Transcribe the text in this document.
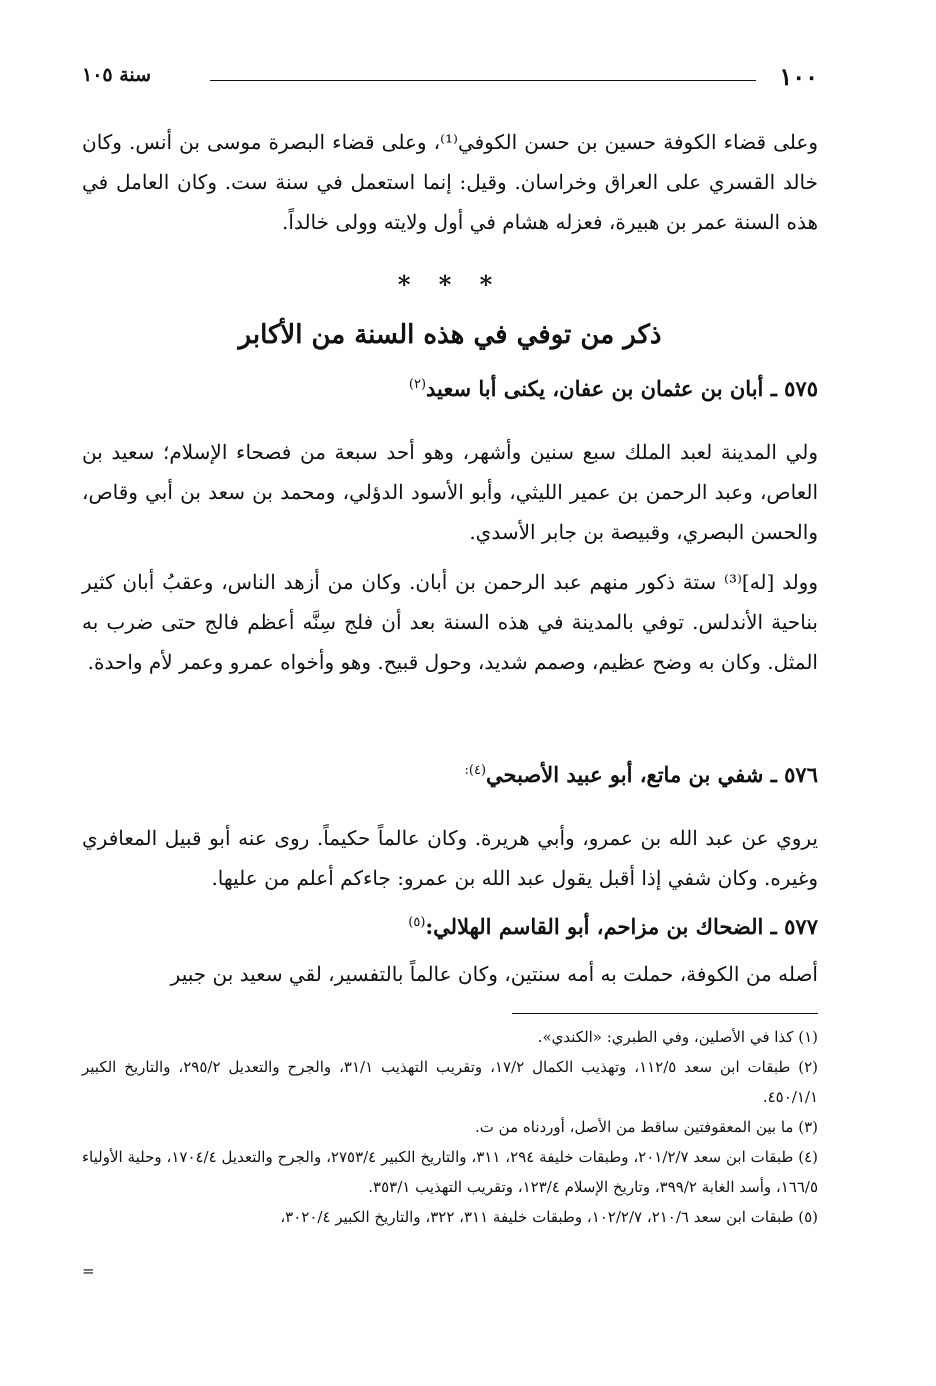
١٠٠
سنة ١٠٥

وعلى قضاء الكوفة حسين بن حسن الكوفي⁽¹⁾، وعلى قضاء البصرة موسى بن أنس. وكان خالد القسري على العراق وخراسان. وقيل: إنما استعمل في سنة ست. وكان العامل في هذه السنة عمر بن هبيرة، فعزله هشام في أول ولايته وولى خالداً.

* * *
ذكر من توفي في هذه السنة من الأكابر
٥٧٥ ـ أبان بن عثمان بن عفان، يكنى أبا سعيد$^{(٢)}$

ولي المدينة لعبد الملك سبع سنين وأشهر، وهو أحد سبعة من فصحاء الإسلام؛ سعيد بن العاص، وعبد الرحمن بن عمير الليثي، وأبو الأسود الدؤلي، ومحمد بن سعد بن أبي وقاص، والحسن البصري، وقبيصة بن جابر الأسدي.

وولد [له]⁽³⁾ ستة ذكور منهم عبد الرحمن بن أبان. وكان من أزهد الناس، وعقبُ أبان كثير بناحية الأندلس. توفي بالمدينة في هذه السنة بعد أن فلج سِنَّه أعظم فالج حتى ضرب به المثل. وكان به وضح عظيم، وصمم شديد، وحول قبيح. وهو وأخواه عمرو وعمر لأم واحدة.

٥٧٦ ـ شفي بن ماتع، أبو عبيد الأصبحي$^{(٤):}$

يروي عن عبد الله بن عمرو، وأبي هريرة. وكان عالماً حكيماً. روى عنه أبو قبيل المعافري وغيره. وكان شفي إذا أقبل يقول عبد الله بن عمرو: جاءكم أعلم من عليها.

٥٧٧ ـ الضحاك بن مزاحم، أبو القاسم الهلالي:$^{(٥)}$

أصله من الكوفة، حملت به أمه سنتين، وكان عالماً بالتفسير، لقي سعيد بن جبير

(١) كذا في الأصلين، وفي الطبري: «الكندي».

(٢) طبقات ابن سعد ١١٢/٥، وتهذيب الكمال ١٧/٢، وتقريب التهذيب ٣١/١، والجرح والتعديل ٢٩٥/٢، والتاريخ الكبير ٤٥٠/١/١.

(٣) ما بين المعقوفتين ساقط من الأصل، أوردناه من ت.

(٤) طبقات ابن سعد ٢٠١/٢/٧، وطبقات خليفة ٢٩٤، ٣١١، والتاريخ الكبير ٢٧٥٣/٤، والجرح والتعديل ١٧٠٤/٤، وحلية الأولياء ١٦٦/٥، وأسد الغابة ٣٩٩/٢، وتاريخ الإسلام ١٢٣/٤، وتقريب التهذيب ٣٥٣/١.

(٥) طبقات ابن سعد ٢١٠/٦، ١٠٢/٢/٧، وطبقات خليفة ٣١١، ٣٢٢، والتاريخ الكبير ٣٠٢٠/٤،

=
